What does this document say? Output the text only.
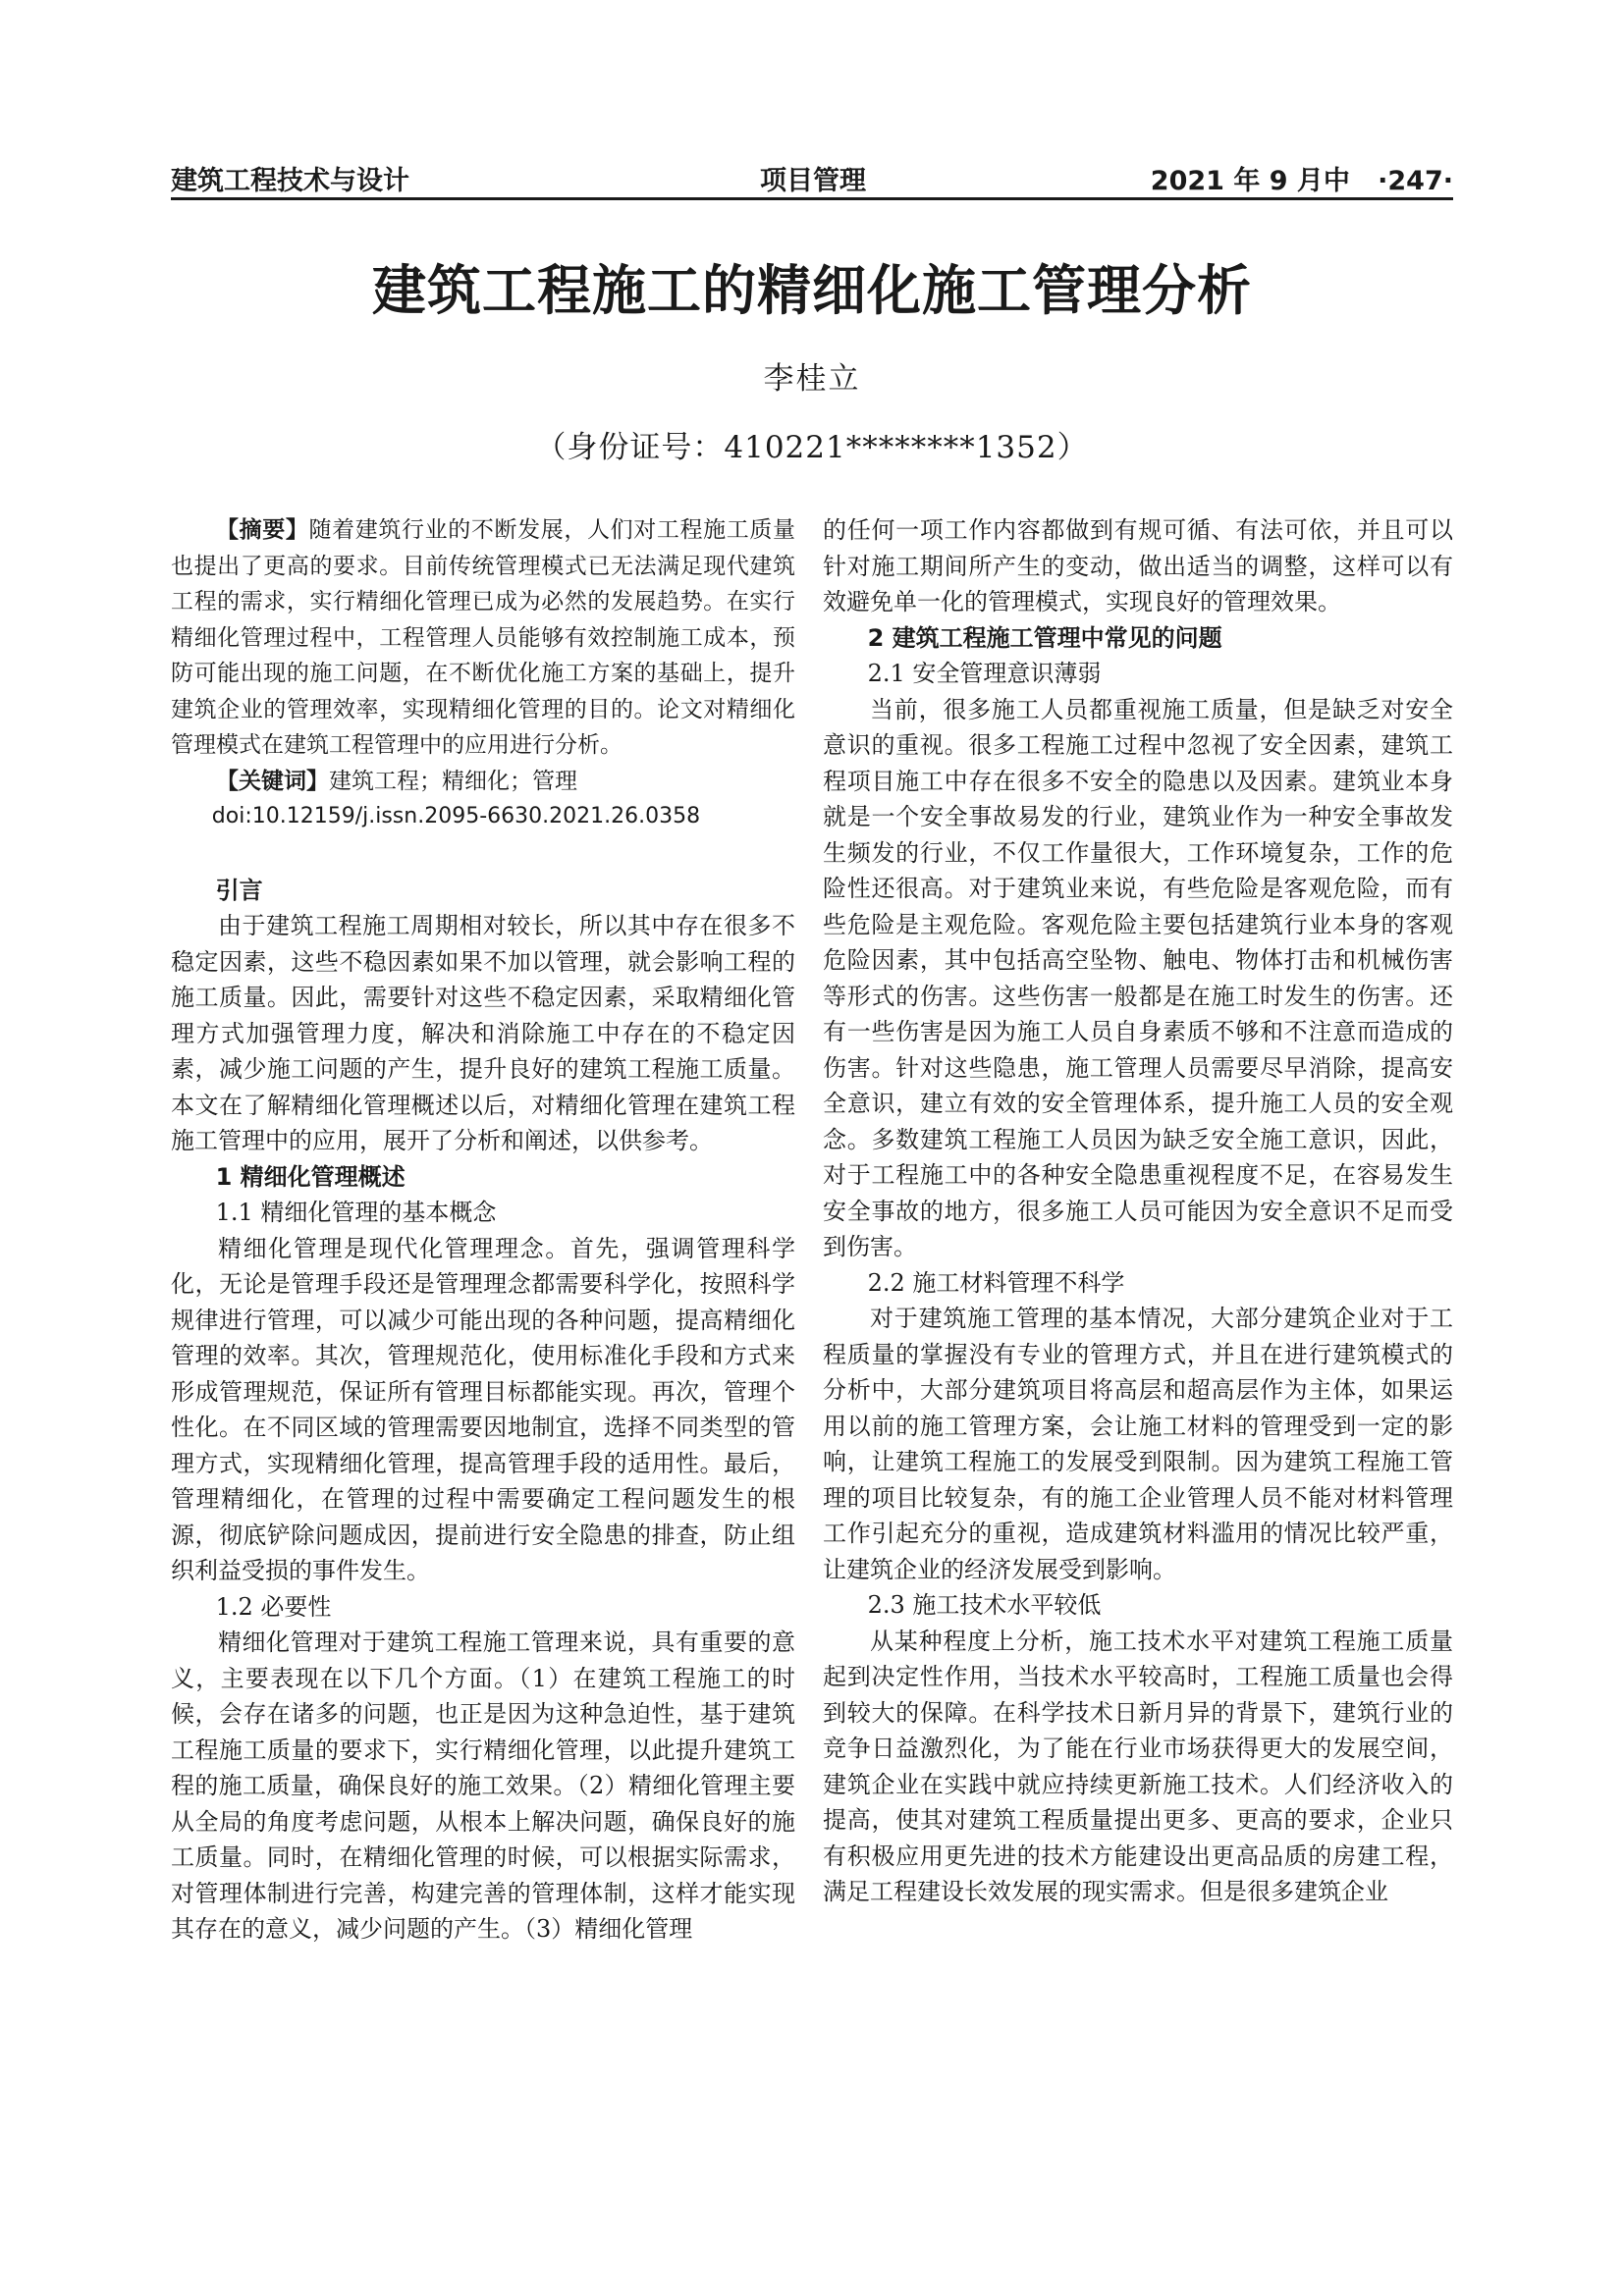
建筑工程技术与设计	项目管理	2021 年 9 月中 ·247·
建筑工程施工的精细化施工管理分析
李桂立
（身份证号：410221********1352）

【摘要】随着建筑行业的不断发展，人们对工程施工质量也提出了更高的要求。目前传统管理模式已无法满足现代建筑工程的需求，实行精细化管理已成为必然的发展趋势。在实行精细化管理过程中，工程管理人员能够有效控制施工成本，预防可能出现的施工问题，在不断优化施工方案的基础上，提升建筑企业的管理效率，实现精细化管理的目的。论文对精细化管理模式在建筑工程管理中的应用进行分析。

【关键词】建筑工程；精细化；管理

doi:10.12159/j.issn.2095-6630.2021.26.0358

引言

由于建筑工程施工周期相对较长，所以其中存在很多不稳定因素，这些不稳因素如果不加以管理，就会影响工程的施工质量。因此，需要针对这些不稳定因素，采取精细化管理方式加强管理力度，解决和消除施工中存在的不稳定因素，减少施工问题的产生，提升良好的建筑工程施工质量。本文在了解精细化管理概述以后，对精细化管理在建筑工程施工管理中的应用，展开了分析和阐述，以供参考。

1 精细化管理概述

1.1 精细化管理的基本概念

精细化管理是现代化管理理念。首先，强调管理科学化，无论是管理手段还是管理理念都需要科学化，按照科学规律进行管理，可以减少可能出现的各种问题，提高精细化管理的效率。其次，管理规范化，使用标准化手段和方式来形成管理规范，保证所有管理目标都能实现。再次，管理个性化。在不同区域的管理需要因地制宜，选择不同类型的管理方式，实现精细化管理，提高管理手段的适用性。最后，管理精细化，在管理的过程中需要确定工程问题发生的根源，彻底铲除问题成因，提前进行安全隐患的排查，防止组织利益受损的事件发生。

1.2 必要性

精细化管理对于建筑工程施工管理来说，具有重要的意义，主要表现在以下几个方面。（1）在建筑工程施工的时候，会存在诸多的问题，也正是因为这种急迫性，基于建筑工程施工质量的要求下，实行精细化管理，以此提升建筑工程的施工质量，确保良好的施工效果。（2）精细化管理主要从全局的角度考虑问题，从根本上解决问题，确保良好的施工质量。同时，在精细化管理的时候，可以根据实际需求，对管理体制进行完善，构建完善的管理体制，这样才能实现其存在的意义，减少问题的产生。（3）精细化管理

的任何一项工作内容都做到有规可循、有法可依，并且可以针对施工期间所产生的变动，做出适当的调整，这样可以有效避免单一化的管理模式，实现良好的管理效果。

2 建筑工程施工管理中常见的问题

2.1 安全管理意识薄弱

当前，很多施工人员都重视施工质量，但是缺乏对安全意识的重视。很多工程施工过程中忽视了安全因素，建筑工程项目施工中存在很多不安全的隐患以及因素。建筑业本身就是一个安全事故易发的行业，建筑业作为一种安全事故发生频发的行业，不仅工作量很大，工作环境复杂，工作的危险性还很高。对于建筑业来说，有些危险是客观危险，而有些危险是主观危险。客观危险主要包括建筑行业本身的客观危险因素，其中包括高空坠物、触电、物体打击和机械伤害等形式的伤害。这些伤害一般都是在施工时发生的伤害。还有一些伤害是因为施工人员自身素质不够和不注意而造成的伤害。针对这些隐患，施工管理人员需要尽早消除，提高安全意识，建立有效的安全管理体系，提升施工人员的安全观念。多数建筑工程施工人员因为缺乏安全施工意识，因此，对于工程施工中的各种安全隐患重视程度不足，在容易发生安全事故的地方，很多施工人员可能因为安全意识不足而受到伤害。

2.2 施工材料管理不科学

对于建筑施工管理的基本情况，大部分建筑企业对于工程质量的掌握没有专业的管理方式，并且在进行建筑模式的分析中，大部分建筑项目将高层和超高层作为主体，如果运用以前的施工管理方案，会让施工材料的管理受到一定的影响，让建筑工程施工的发展受到限制。因为建筑工程施工管理的项目比较复杂，有的施工企业管理人员不能对材料管理工作引起充分的重视，造成建筑材料滥用的情况比较严重，让建筑企业的经济发展受到影响。

2.3 施工技术水平较低

从某种程度上分析，施工技术水平对建筑工程施工质量起到决定性作用，当技术水平较高时，工程施工质量也会得到较大的保障。在科学技术日新月异的背景下，建筑行业的竞争日益激烈化，为了能在行业市场获得更大的发展空间，建筑企业在实践中就应持续更新施工技术。人们经济收入的提高，使其对建筑工程质量提出更多、更高的要求，企业只有积极应用更先进的技术方能建设出更高品质的房建工程，满足工程建设长效发展的现实需求。但是很多建筑企业
